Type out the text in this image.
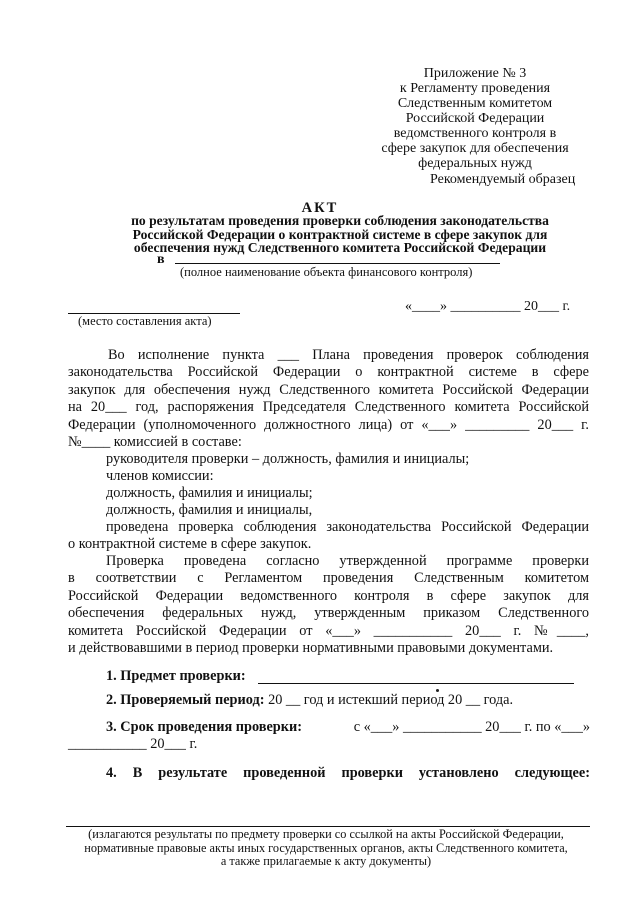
Приложение № 3
к Регламенту проведения
Следственным комитетом
Российской Федерации
ведомственного контроля в
сфере закупок для обеспечения
федеральных нужд
Рекомендуемый образец
АКТ
по результатам проведения проверки соблюдения законодательства
Российской Федерации о контрактной системе в сфере закупок для
обеспечения нужд Следственного комитета Российской Федерации
в
(полное наименование объекта финансового контроля)
(место составления акта)
«____» __________ 20___ г.
Во исполнение пункта ___ Плана проведения проверок соблюдения
законодательства Российской Федерации о контрактной системе в сфере
закупок для обеспечения нужд Следственного комитета Российской Федерации
на 20___ год, распоряжения Председателя Следственного комитета Российской
Федерации (уполномоченного должностного лица) от «___» _________ 20___ г.
№____ комиссией в составе:
руководителя проверки – должность, фамилия и инициалы;
членов комиссии:
должность, фамилия и инициалы;
должность, фамилия и инициалы,
проведена проверка соблюдения законодательства Российской Федерации
о контрактной системе в сфере закупок.
Проверка проведена согласно утвержденной программе проверки
в соответствии с Регламентом проведения Следственным комитетом
Российской Федерации ведомственного контроля в сфере закупок для
обеспечения федеральных нужд, утвержденным приказом Следственного
комитета Российской Федерации от «___» ___________ 20___ г. №____,
и действовавшими в период проверки нормативными правовыми документами.
1. Предмет проверки:
2. Проверяемый период: 20 __ год и истекший период 20 __ года.
3. Срок проведения проверки:	с «___» ___________ 20___ г. по «___»
___________ 20___ г.
4. В результате проведенной проверки установлено следующее:
(излагаются результаты по предмету проверки со ссылкой на акты Российской Федерации,
нормативные правовые акты иных государственных органов, акты Следственного комитета,
а также прилагаемые к акту документы)
